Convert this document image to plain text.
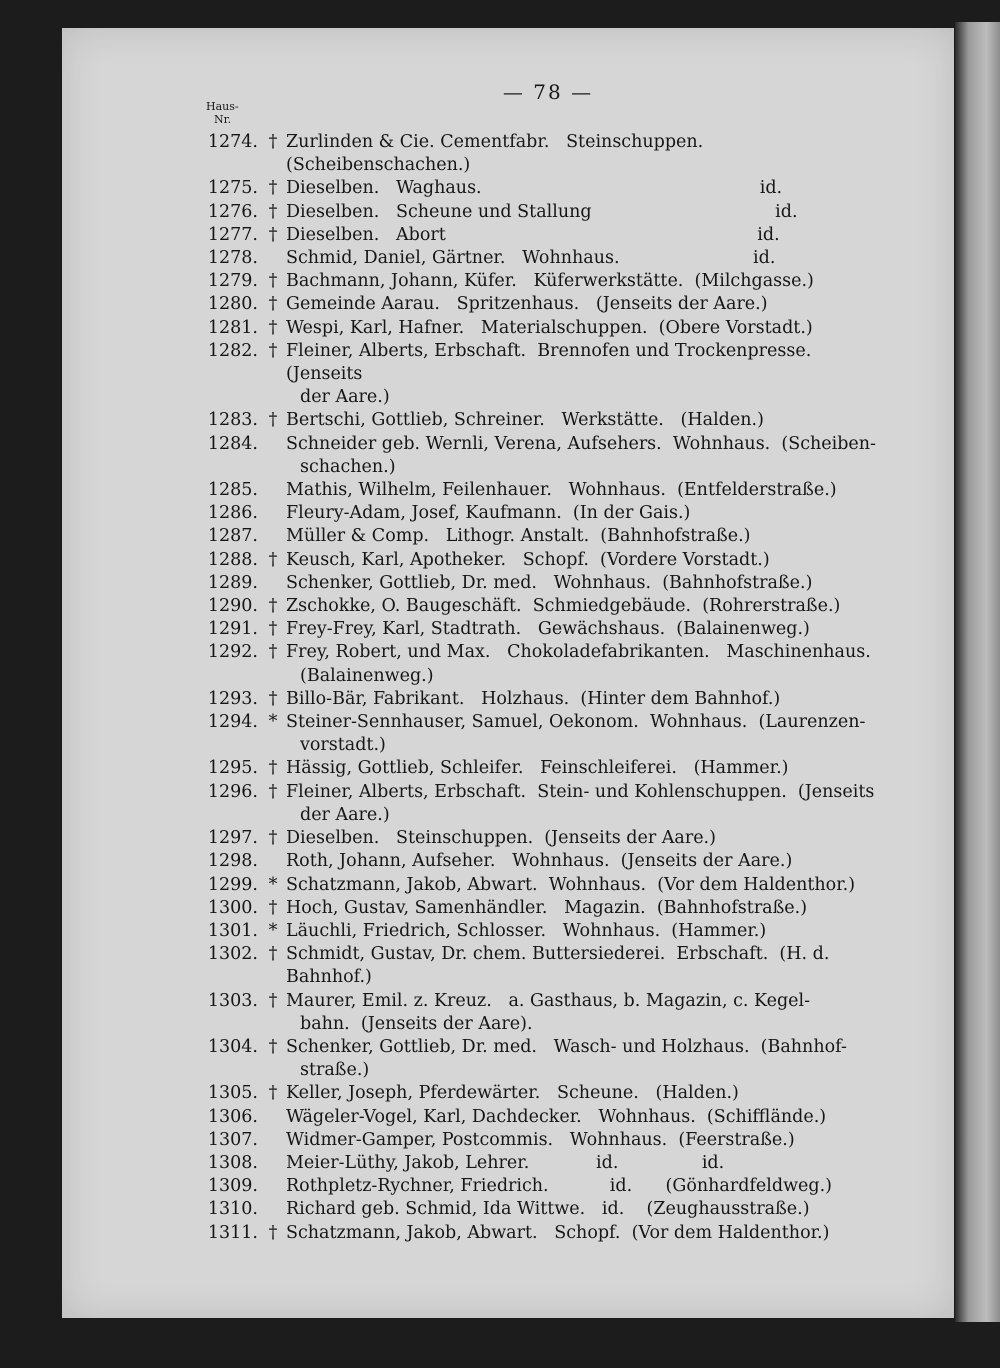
— 78 —
Haus-
Nr.
1274. † Zurlinden & Cie. Cementfabr.   Steinschuppen.   (Scheibenschachen.)
1275. † Dieselben.   Waghaus.                                                  id.
1276. † Dieselben.   Scheune und Stallung                                 id.
1277. † Dieselben.   Abort                                                        id.
1278. Schmid, Daniel, Gärtner.   Wohnhaus.                        id.
1279. † Bachmann, Johann, Küfer.   Küferwerkstätte.  (Milchgasse.)
1280. † Gemeinde Aarau.   Spritzenhaus.   (Jenseits der Aare.)
1281. † Wespi, Karl, Hafner.   Materialschuppen.  (Obere Vorstadt.)
1282. † Fleiner, Alberts, Erbschaft.  Brennofen und Trockenpresse.  (Jenseits
der Aare.)
1283. † Bertschi, Gottlieb, Schreiner.   Werkstätte.   (Halden.)
1284. Schneider geb. Wernli, Verena, Aufsehers.  Wohnhaus.  (Scheiben-
schachen.)
1285. Mathis, Wilhelm, Feilenhauer.   Wohnhaus.  (Entfelderstraße.)
1286. Fleury-Adam, Josef, Kaufmann.  (In der Gais.)
1287. Müller & Comp.   Lithogr. Anstalt.  (Bahnhofstraße.)
1288. † Keusch, Karl, Apotheker.   Schopf.  (Vordere Vorstadt.)
1289. Schenker, Gottlieb, Dr. med.   Wohnhaus.  (Bahnhofstraße.)
1290. † Zschokke, O. Baugeschäft.  Schmiedgebäude.  (Rohrerstraße.)
1291. † Frey-Frey, Karl, Stadtrath.   Gewächshaus.  (Balainenweg.)
1292. † Frey, Robert, und Max.   Chokoladefabrikanten.   Maschinenhaus.
(Balainenweg.)
1293. † Billo-Bär, Fabrikant.   Holzhaus.  (Hinter dem Bahnhof.)
1294. * Steiner-Sennhauser, Samuel, Oekonom.  Wohnhaus.  (Laurenzen-
vorstadt.)
1295. † Hässig, Gottlieb, Schleifer.   Feinschleiferei.   (Hammer.)
1296. † Fleiner, Alberts, Erbschaft.  Stein- und Kohlenschuppen.  (Jenseits
der Aare.)
1297. † Dieselben.   Steinschuppen.  (Jenseits der Aare.)
1298. Roth, Johann, Aufseher.   Wohnhaus.  (Jenseits der Aare.)
1299. * Schatzmann, Jakob, Abwart.  Wohnhaus.  (Vor dem Haldenthor.)
1300. † Hoch, Gustav, Samenhändler.   Magazin.  (Bahnhofstraße.)
1301. * Läuchli, Friedrich, Schlosser.   Wohnhaus.  (Hammer.)
1302. † Schmidt, Gustav, Dr. chem. Buttersiederei.  Erbschaft.  (H. d. Bahnhof.)
1303. † Maurer, Emil. z. Kreuz.   a. Gasthaus, b. Magazin, c. Kegel-
bahn.  (Jenseits der Aare).
1304. † Schenker, Gottlieb, Dr. med.   Wasch- und Holzhaus.  (Bahnhof-
straße.)
1305. † Keller, Joseph, Pferdewärter.   Scheune.   (Halden.)
1306. Wägeler-Vogel, Karl, Dachdecker.   Wohnhaus.  (Schifflände.)
1307. Widmer-Gamper, Postcommis.   Wohnhaus.  (Feerstraße.)
1308. Meier-Lüthy, Jakob, Lehrer.            id.               id.
1309. Rothpletz-Rychner, Friedrich.           id.      (Gönhardfeldweg.)
1310. Richard geb. Schmid, Ida Wittwe.   id.    (Zeughausstraße.)
1311. † Schatzmann, Jakob, Abwart.   Schopf.  (Vor dem Haldenthor.)
